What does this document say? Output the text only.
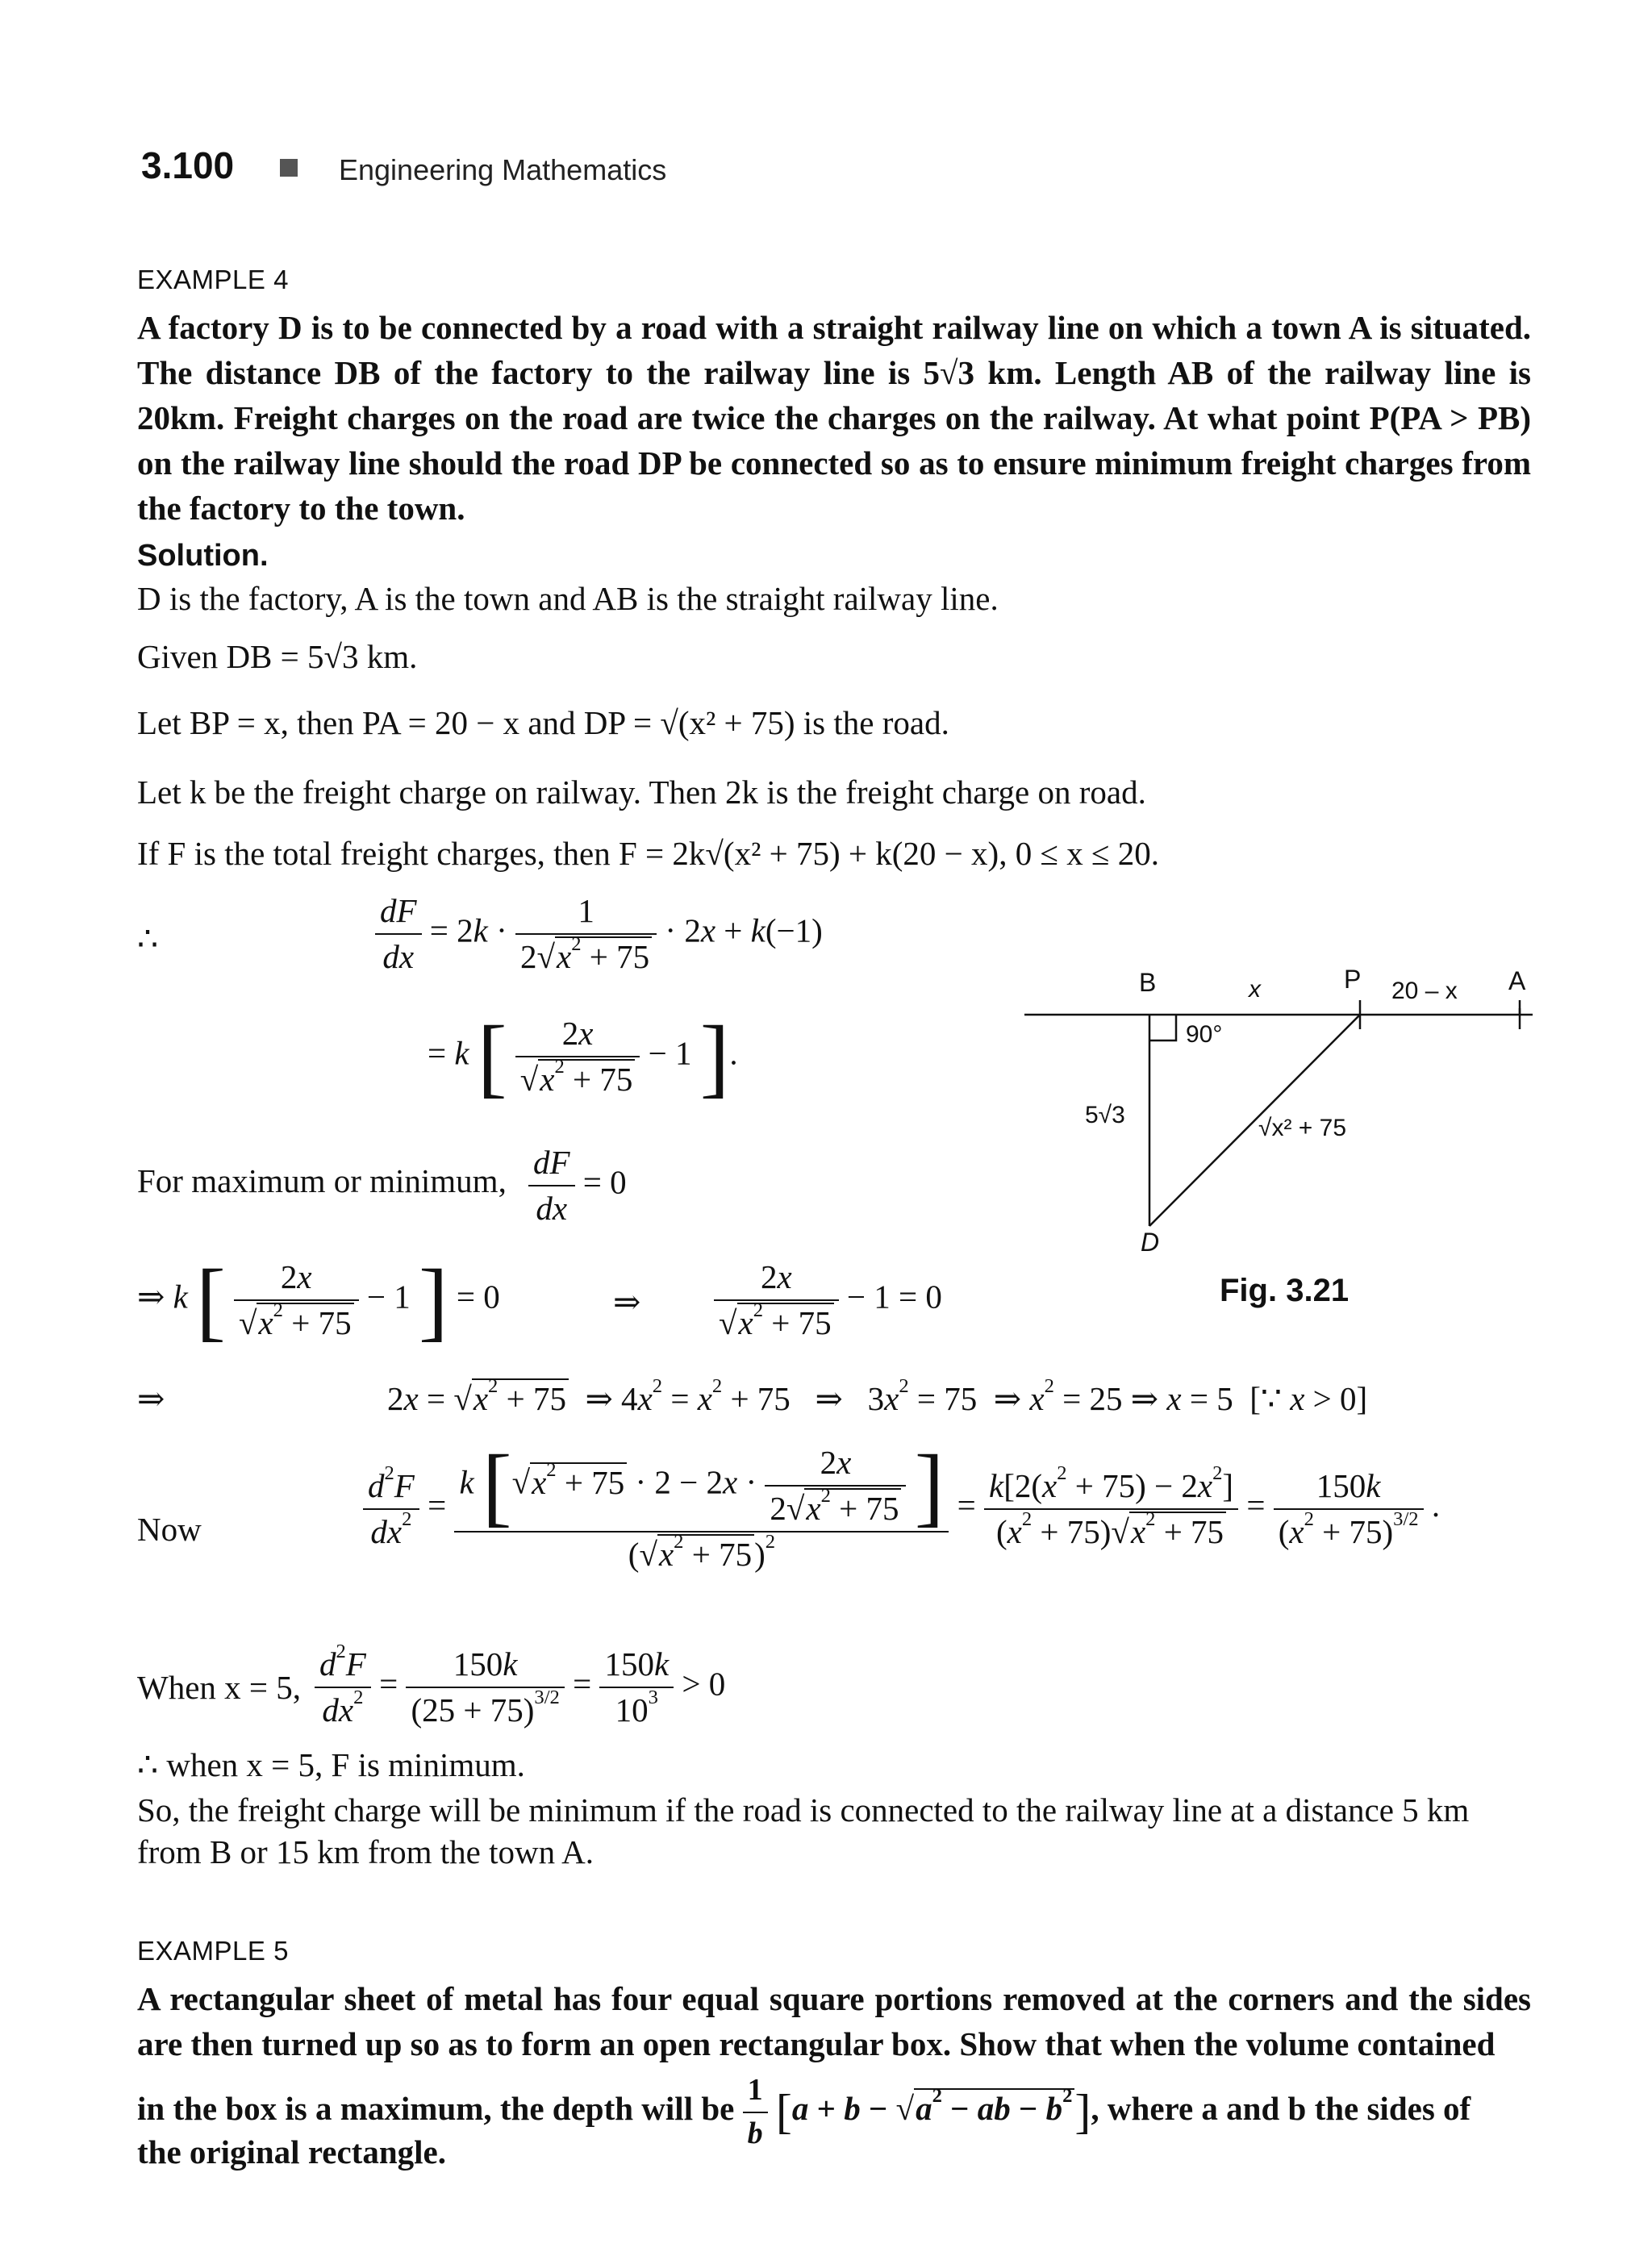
3.100	Engineering Mathematics
EXAMPLE 4
A factory D is to be connected by a road with a straight railway line on which a town A is situated. The distance DB of the factory to the railway line is 5√3 km. Length AB of the railway line is 20km. Freight charges on the road are twice the charges on the railway. At what point P(PA > PB) on the railway line should the road DP be connected so as to ensure minimum freight charges from the factory to the town.
Solution.
D is the factory, A is the town and AB is the straight railway line.
Given DB = 5√3 km.
Let BP = x, then PA = 20 − x and DP = √(x² + 75) is the road.
Let k be the freight charge on railway. Then 2k is the freight charge on road.
If F is the total freight charges, then F = 2k√(x² + 75) + k(20 − x), 0 ≤ x ≤ 20.
∴	$\frac{dF}{dx} = 2k \cdot \frac{1}{2√x^2 + 75} \cdot 2x + k(-1)$
= k [ $\frac{2x}{√x^2 + 75} - 1$ ].
For maximum or minimum, $\frac{dF}{dx} = 0$
⇒ k [ $\frac{2x}{√x^2 + 75} - 1$ ] = 0	⇒ $\frac{2x}{√x^2 + 75} - 1 = 0$
⇒	$2x = √x^2 + 75$  ⇒ $4x^2 = x^2 + 75$   ⇒   $3x^2 = 75$  ⇒ $x^2 = 25$ ⇒ x = 5  [∵ x > 0]
Now	$\frac{d^2F}{dx^2} = \frac{k [√x^2 + 75 \cdot 2 - 2x \cdot \frac{2x}{2√x^2 + 75} ]}{(√x^2 + 75)^2} = \frac{k[2(x^2 + 75) - 2x^2]}{(x^2 + 75)√x^2 + 75} = \frac{150k}{(x^2 + 75)^{3/2}}$ .
When x = 5, $\frac{d^2F}{dx^2} = \frac{150k}{(25 + 75)^{3/2}} = \frac{150k}{10^3} > 0$
∴ when x = 5, F is minimum.
So, the freight charge will be minimum if the road is connected to the railway line at a distance 5 km from B or 15 km from the town A.
B	x	P 20 – x A
90°
5√3	√x² + 75
D
Fig. 3.21
EXAMPLE 5
A rectangular sheet of metal has four equal square portions removed at the corners and the sides are then turned up so as to form an open rectangular box. Show that when the volume contained
in the box is a maximum, the depth will be $\frac{1}{b} [a + b - √a^2$ − ab − $b^2$], where a and b the sides of
the original rectangle.
